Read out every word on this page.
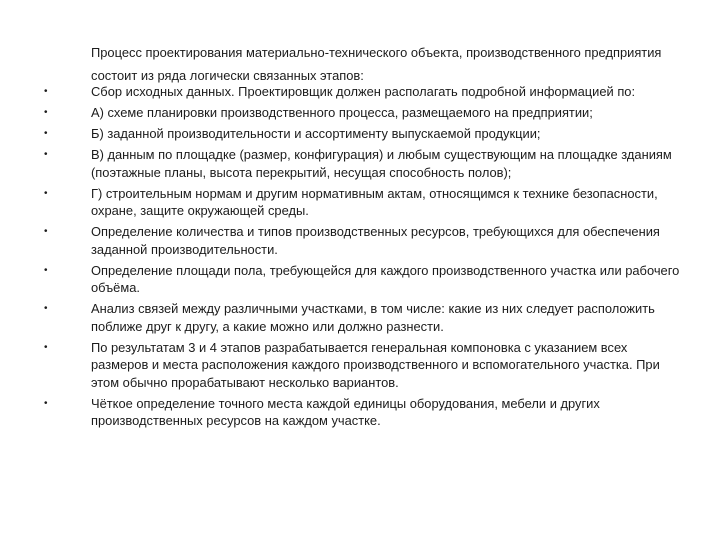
Процесс проектирования материально-технического объекта, производственного предприятия состоит из ряда логически связанных этапов:

•	Сбор исходных данных. Проектировщик должен располагать подробной информацией по:
•	А) схеме планировки производственного процесса, размещаемого на предприятии;
•	Б) заданной производительности и ассортименту выпускаемой продукции;
•	В) данным по площадке (размер, конфигурация) и любым существующим на площадке зданиям (поэтажные планы, высота перекрытий, несущая способность полов);
•	Г) строительным нормам и другим нормативным актам, относящимся к технике безопасности, охране, защите окружающей среды.
•	Определение количества и типов производственных ресурсов, требующихся для обеспечения заданной производительности.
•	Определение площади пола, требующейся для каждого производственного участка или рабочего объёма.
•	Анализ связей между различными участками, в том числе: какие из них следует расположить поближе друг к другу, а какие можно или должно разнести.
•	По результатам 3 и 4 этапов разрабатывается генеральная компоновка с указанием всех размеров и места расположения каждого производственного и вспомогательного участка. При этом обычно прорабатывают несколько вариантов.
•	Чёткое определение точного места каждой единицы оборудования, мебели и других производственных ресурсов на каждом участке.
